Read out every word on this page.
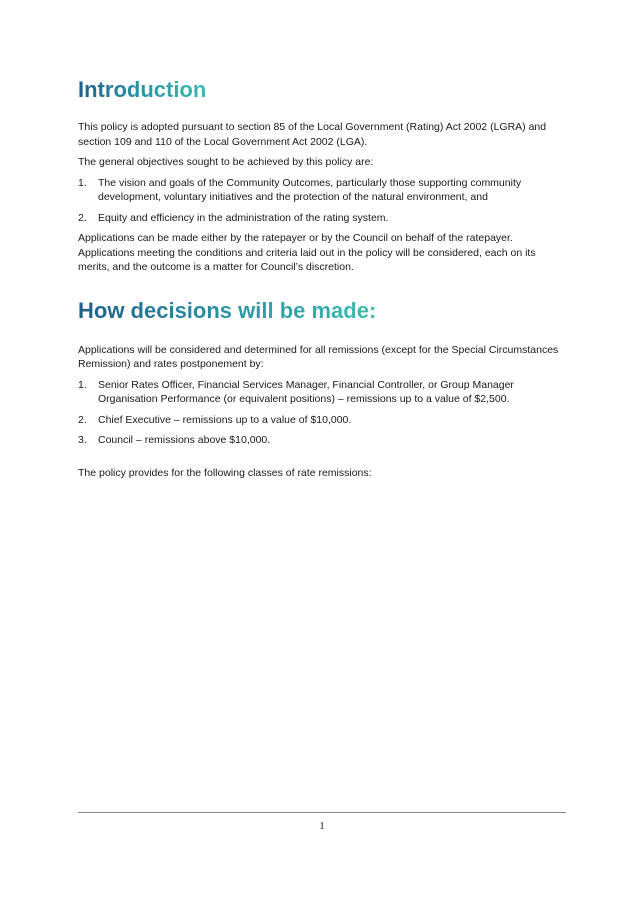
Introduction

This policy is adopted pursuant to section 85 of the Local Government (Rating) Act 2002 (LGRA) and section 109 and 110 of the Local Government Act 2002 (LGA).

The general objectives sought to be achieved by this policy are:

1. The vision and goals of the Community Outcomes, particularly those supporting community development, voluntary initiatives and the protection of the natural environment, and
2. Equity and efficiency in the administration of the rating system.

Applications can be made either by the ratepayer or by the Council on behalf of the ratepayer. Applications meeting the conditions and criteria laid out in the policy will be considered, each on its merits, and the outcome is a matter for Council’s discretion.

How decisions will be made:

Applications will be considered and determined for all remissions (except for the Special Circumstances Remission) and rates postponement by:

1. Senior Rates Officer, Financial Services Manager, Financial Controller, or Group Manager Organisation Performance (or equivalent positions) – remissions up to a value of $2,500.
2. Chief Executive – remissions up to a value of $10,000.
3. Council – remissions above $10,000.

The policy provides for the following classes of rate remissions:

1
